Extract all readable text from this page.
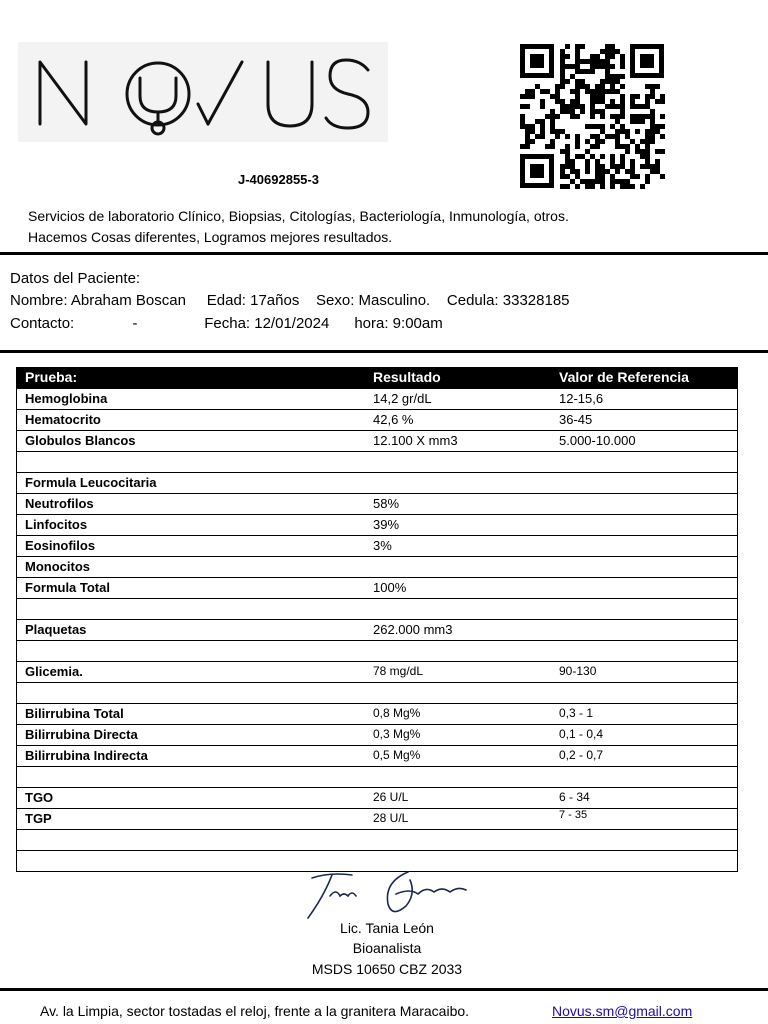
J-40692855-3
Servicios de laboratorio Clínico, Biopsias, Citologías, Bacteriología, Inmunología, otros.
Hacemos Cosas diferentes, Logramos mejores resultados.
Datos del Paciente:
Nombre: Abraham Boscan     Edad: 17años    Sexo: Masculino.    Cedula: 33328185
Contacto:              -                Fecha: 12/01/2024      hora: 9:00am
Prueba:	Resultado	Valor de Referencia
Hemoglobina	14,2 gr/dL	12-15,6
Hematocrito	42,6 %	36-45
Globulos Blancos	12.100 X mm3	5.000-10.000
Formula Leucocitaria
Neutrofilos	58%
Linfocitos	39%
Eosinofilos	3%
Monocitos
Formula Total	100%
Plaquetas	262.000 mm3
Glicemia.	78 mg/dL	90-130
Bilirrubina Total	0,8 Mg%	0,3 - 1
Bilirrubina Directa	0,3 Mg%	0,1 - 0,4
Bilirrubina Indirecta	0,5 Mg%	0,2 - 0,7
TGO	26 U/L	6 - 34
TGP	28 U/L	7 - 35
Lic. Tania León
Bioanalista
MSDS 10650 CBZ 2033
Av. la Limpia, sector tostadas el reloj, frente a la granitera Maracaibo.	Novus.sm@gmail.com
